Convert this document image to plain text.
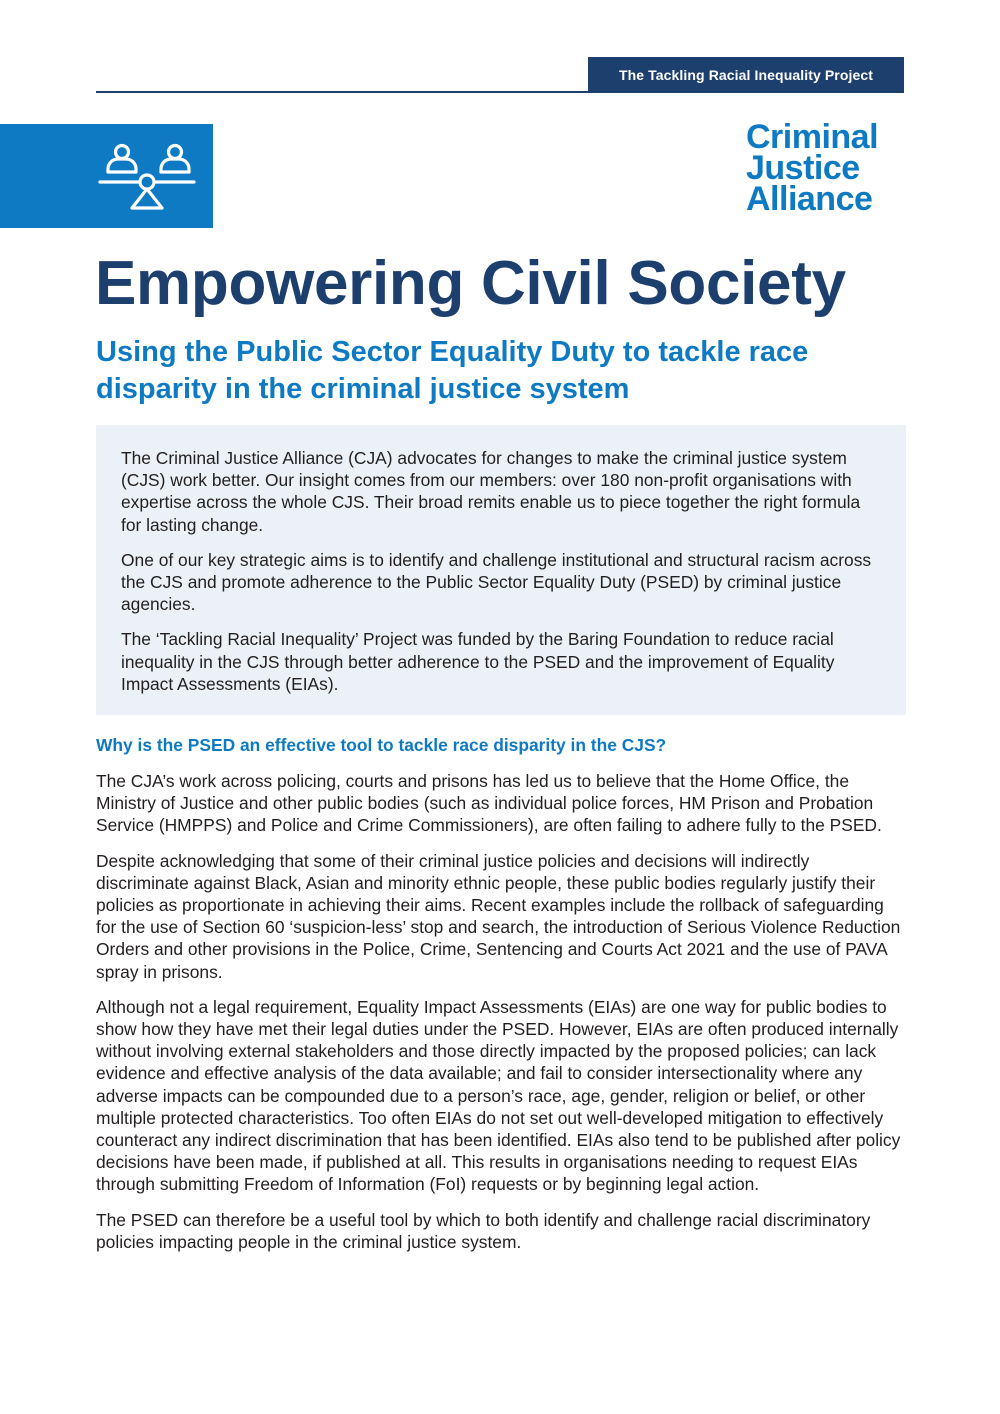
The Tackling Racial Inequality Project
Criminal
Justice
Alliance
Empowering Civil Society
Using the Public Sector Equality Duty to tackle race disparity in the criminal justice system

The Criminal Justice Alliance (CJA) advocates for changes to make the criminal justice system (CJS) work better. Our insight comes from our members: over 180 non-profit organisations with expertise across the whole CJS. Their broad remits enable us to piece together the right formula for lasting change.

One of our key strategic aims is to identify and challenge institutional and structural racism across the CJS and promote adherence to the Public Sector Equality Duty (PSED) by criminal justice agencies.

The ‘Tackling Racial Inequality’ Project was funded by the Baring Foundation to reduce racial inequality in the CJS through better adherence to the PSED and the improvement of Equality Impact Assessments (EIAs).

Why is the PSED an effective tool to tackle race disparity in the CJS?

The CJA’s work across policing, courts and prisons has led us to believe that the Home Office, the Ministry of Justice and other public bodies (such as individual police forces, HM Prison and Probation Service (HMPPS) and Police and Crime Commissioners), are often failing to adhere fully to the PSED.

Despite acknowledging that some of their criminal justice policies and decisions will indirectly discriminate against Black, Asian and minority ethnic people, these public bodies regularly justify their policies as proportionate in achieving their aims. Recent examples include the rollback of safeguarding for the use of Section 60 ‘suspicion-less’ stop and search, the introduction of Serious Violence Reduction Orders and other provisions in the Police, Crime, Sentencing and Courts Act 2021 and the use of PAVA spray in prisons.

Although not a legal requirement, Equality Impact Assessments (EIAs) are one way for public bodies to show how they have met their legal duties under the PSED. However, EIAs are often produced internally without involving external stakeholders and those directly impacted by the proposed policies; can lack evidence and effective analysis of the data available; and fail to consider intersectionality where any adverse impacts can be compounded due to a person’s race, age, gender, religion or belief, or other multiple protected characteristics. Too often EIAs do not set out well-developed mitigation to effectively counteract any indirect discrimination that has been identified. EIAs also tend to be published after policy decisions have been made, if published at all. This results in organisations needing to request EIAs through submitting Freedom of Information (FoI) requests or by beginning legal action.

The PSED can therefore be a useful tool by which to both identify and challenge racial discriminatory policies impacting people in the criminal justice system.
